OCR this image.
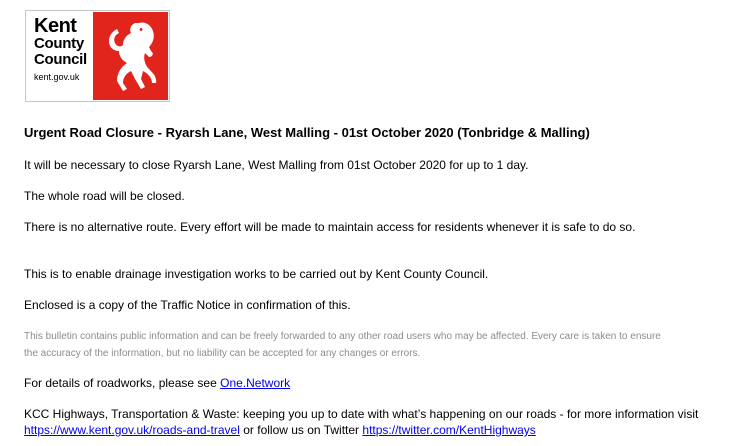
Kent
County
Council
kent.gov.uk
Urgent Road Closure - Ryarsh Lane, West Malling - 01st October 2020 (Tonbridge & Malling)
It will be necessary to close Ryarsh Lane, West Malling from 01st October 2020 for up to 1 day.
The whole road will be closed.
There is no alternative route. Every effort will be made to maintain access for residents whenever it is safe to do so.
This is to enable drainage investigation works to be carried out by Kent County Council.
Enclosed is a copy of the Traffic Notice in confirmation of this.
This bulletin contains public information and can be freely forwarded to any other road users who may be affected. Every care is taken to ensure
the accuracy of the information, but no liability can be accepted for any changes or errors.
For details of roadworks, please see One.Network
KCC Highways, Transportation & Waste: keeping you up to date with what’s happening on our roads - for more information visit
https://www.kent.gov.uk/roads-and-travel or follow us on Twitter https://twitter.com/KentHighways
